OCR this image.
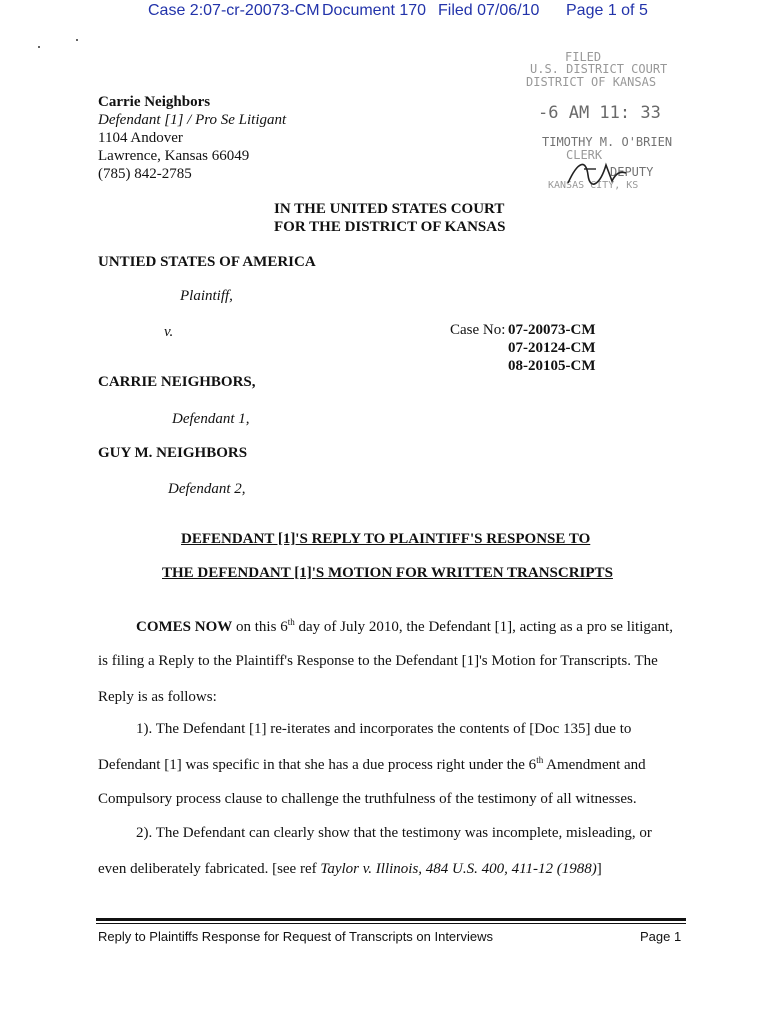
Case 2:07-cr-20073-CM Document 170 Filed 07/06/10 Page 1 of 5
FILED
U.S. DISTRICT COURT
DISTRICT OF KANSAS
-6 AM 11: 33
TIMOTHY M. O'BRIEN
CLERK
DEPUTY
KANSAS CITY, KS
Carrie Neighbors
Defendant [1] / Pro Se Litigant
1104 Andover
Lawrence, Kansas 66049
(785) 842-2785
IN THE UNITED STATES COURT
FOR THE DISTRICT OF KANSAS
UNTIED STATES OF AMERICA
Plaintiff,
v.	Case No: 07-20073-CM
07-20124-CM
08-20105-CM
CARRIE NEIGHBORS,
Defendant 1,
GUY M. NEIGHBORS
Defendant 2,
DEFENDANT [1]'S REPLY TO PLAINTIFF'S RESPONSE TO
THE DEFENDANT [1]'S MOTION FOR WRITTEN TRANSCRIPTS
COMES NOW on this 6th day of July 2010, the Defendant [1], acting as a pro se litigant,
is filing a Reply to the Plaintiff's Response to the Defendant [1]'s Motion for Transcripts. The
Reply is as follows:
1). The Defendant [1] re-iterates and incorporates the contents of [Doc 135] due to
Defendant [1] was specific in that she has a due process right under the 6th Amendment and
Compulsory process clause to challenge the truthfulness of the testimony of all witnesses.
2). The Defendant can clearly show that the testimony was incomplete, misleading, or
even deliberately fabricated. [see ref Taylor v. Illinois, 484 U.S. 400, 411-12 (1988)]
Reply to Plaintiffs Response for Request of Transcripts on Interviews	Page 1
